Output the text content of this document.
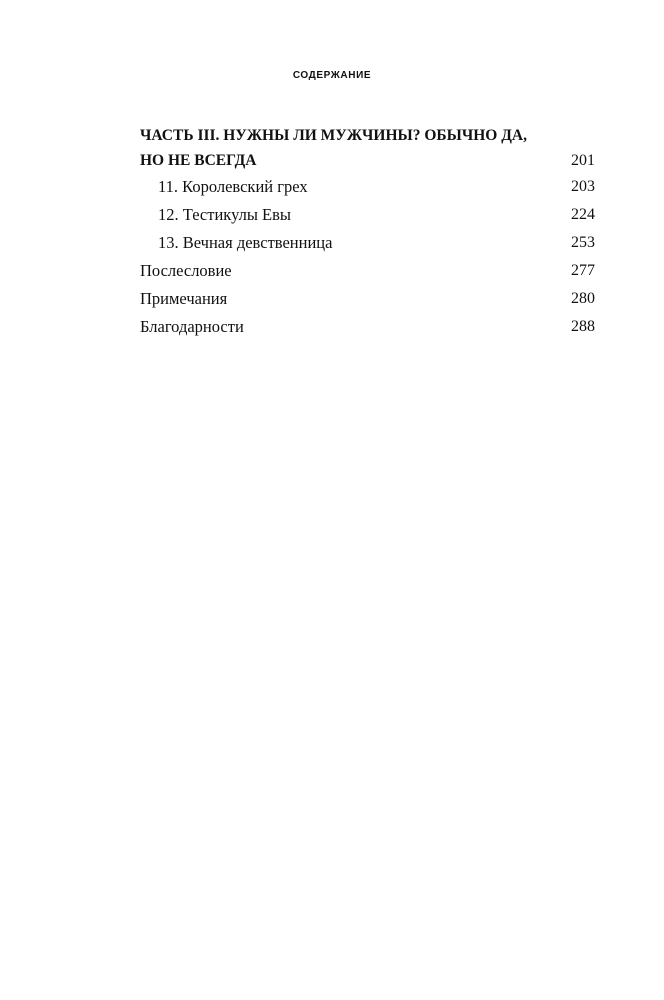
СОДЕРЖАНИЕ
ЧАСТЬ III. НУЖНЫ ЛИ МУЖЧИНЫ? ОБЫЧНО ДА,
НО НЕ ВСЕГДА	201
11. Королевский грех	203
12. Тестикулы Евы	224
13. Вечная девственница	253
Послесловие	277
Примечания	280
Благодарности	288
